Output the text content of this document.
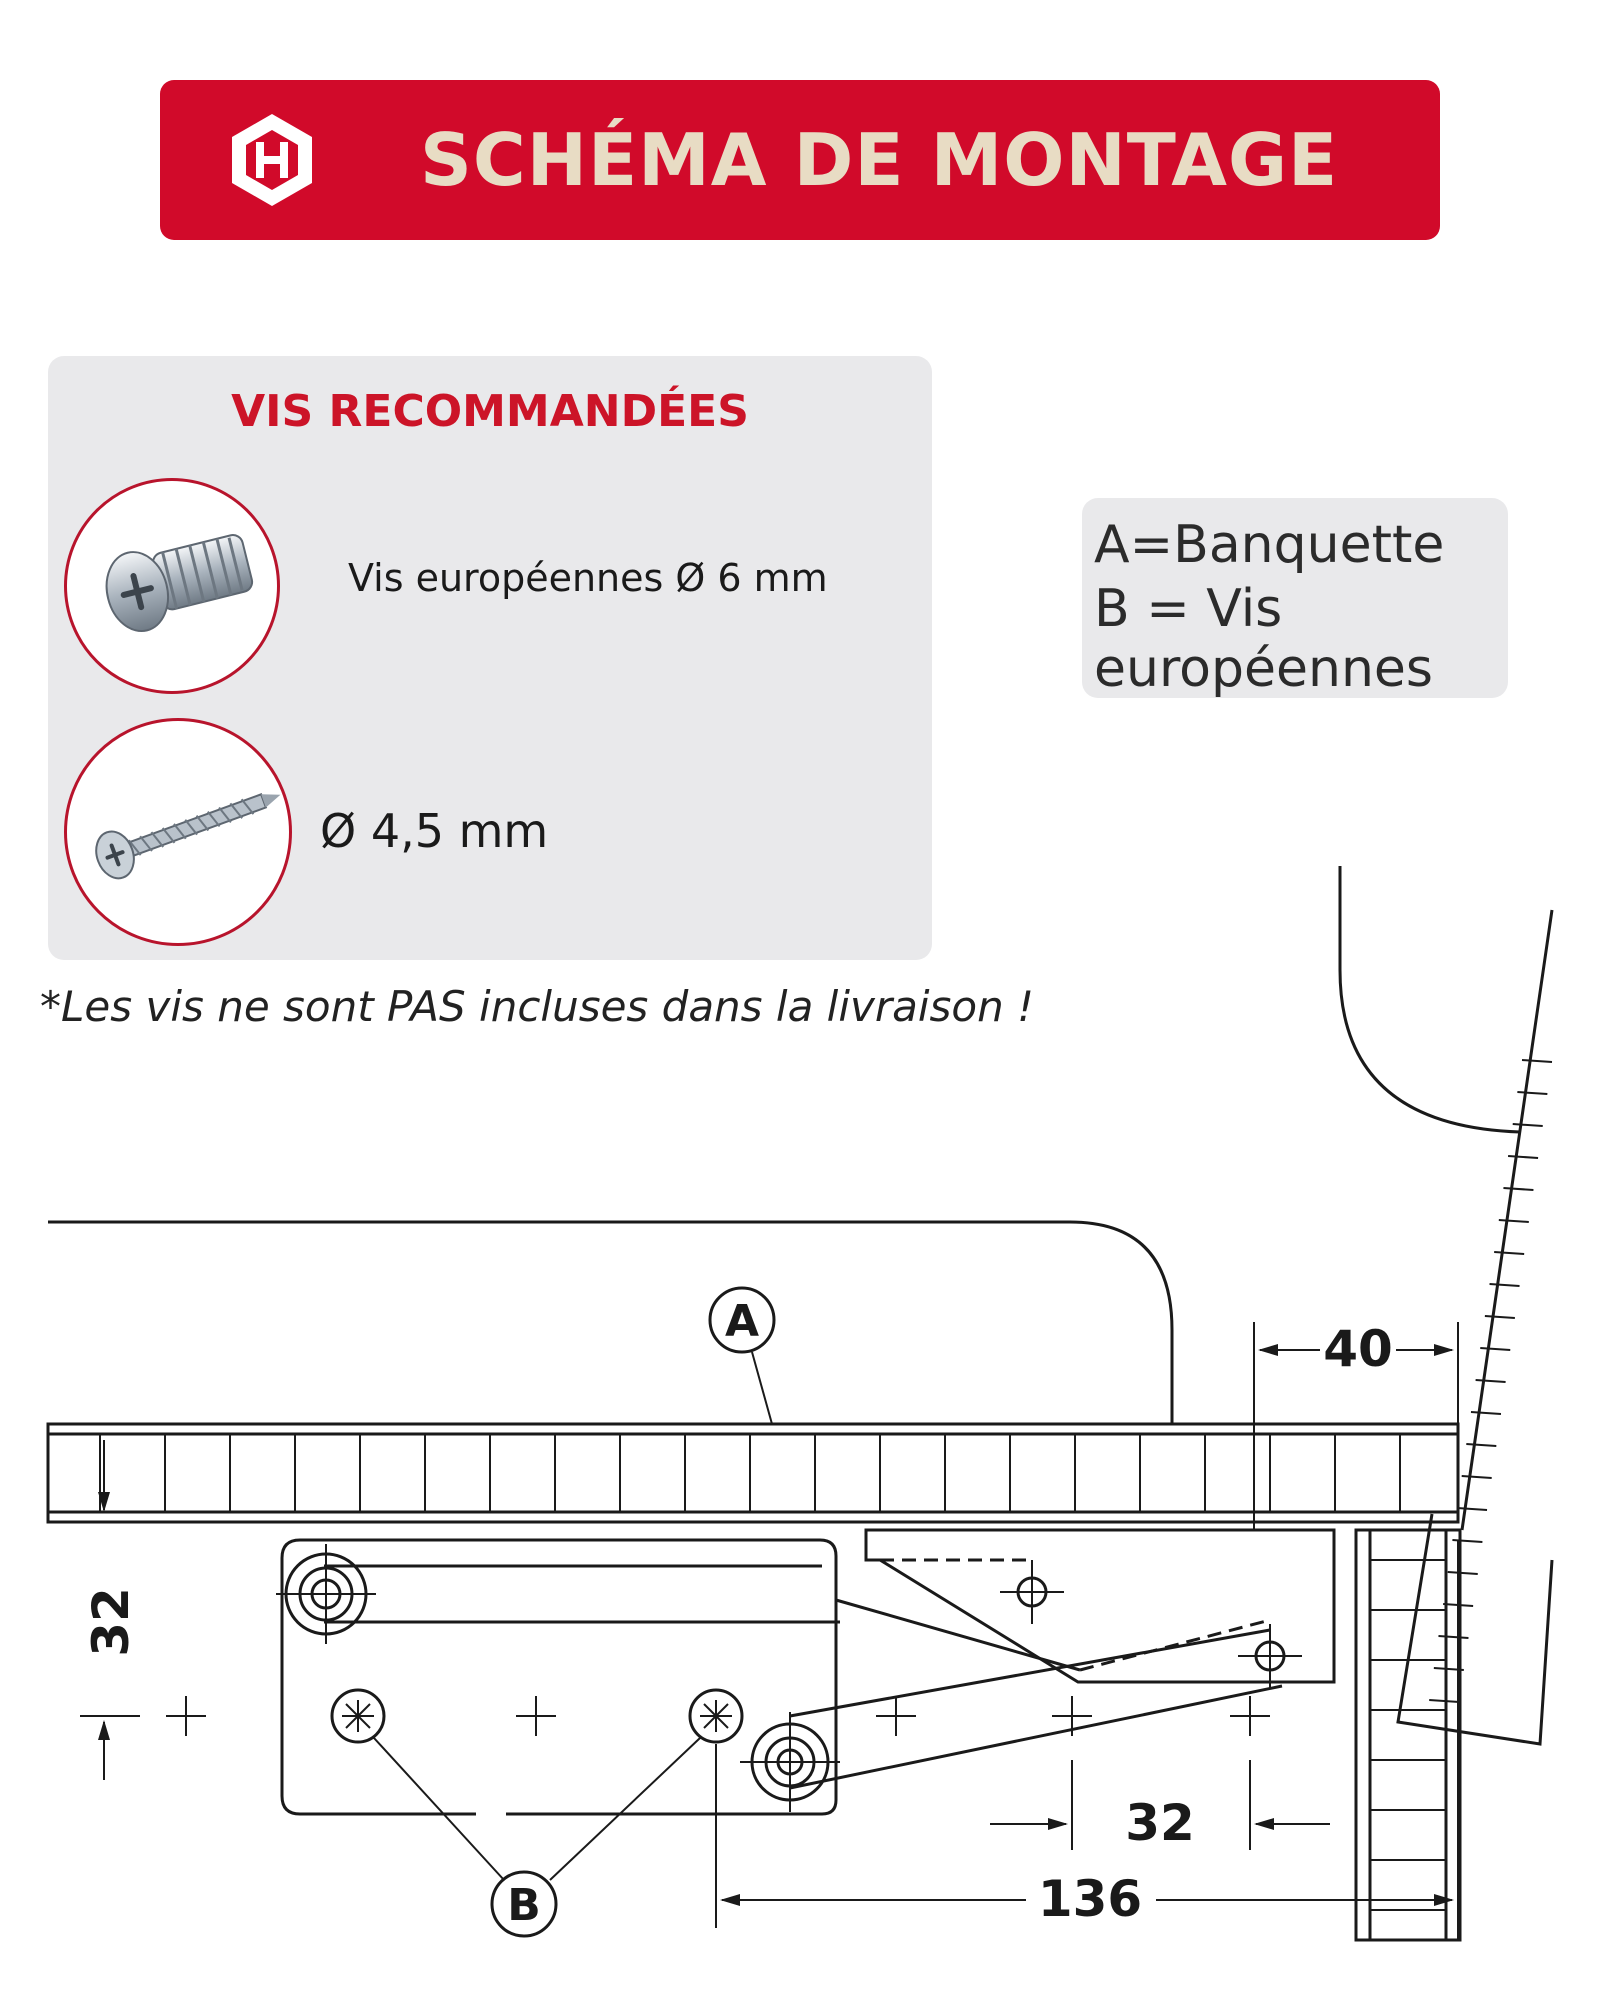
SCHÉMA DE MONTAGE
VIS RECOMMANDÉES
Vis européennes Ø 6 mm
Ø 4,5 mm
*Les vis ne sont PAS incluses dans la livraison !
A=Banquette
B = Vis
européennes
A
B
40
32
32
136
